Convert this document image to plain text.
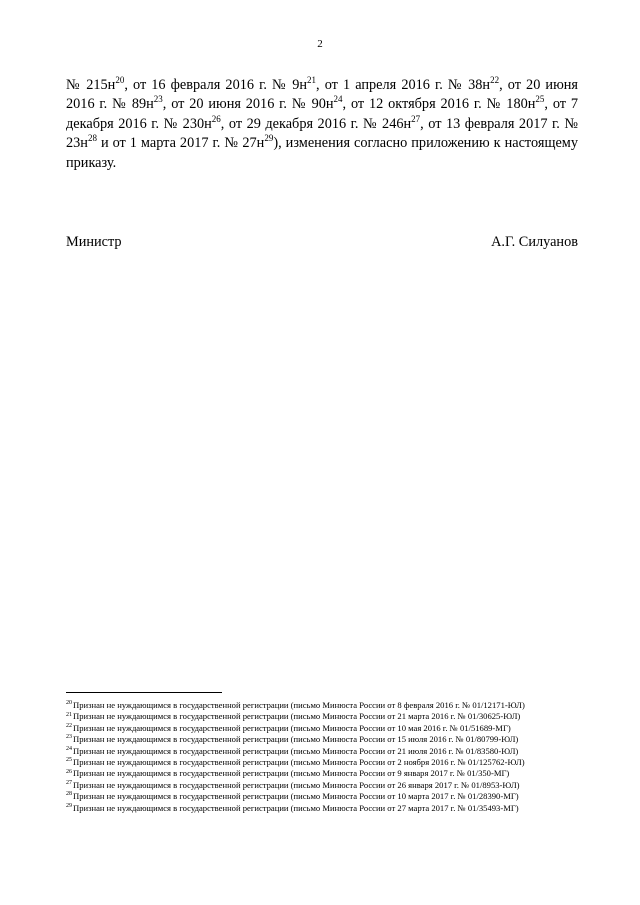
2

№ $215н^{20}$, от 16 февраля 2016 г. № $9н^{21}$, от 1 апреля 2016 г. № $38н^{22}$, от 20 июня 2016 г. № $89н^{23}$, от 20 июня 2016 г. № $90н^{24}$, от 12 октября 2016 г. № $180н^{25}$, от 7 декабря 2016 г. № $230н^{26}$, от 29 декабря 2016 г. № $246н^{27}$, от 13 февраля 2017 г. № $23н^{28}$ и от 1 марта 2017 г. № $27н^{29}$), изменения согласно приложению к настоящему приказу.

Министр	А.Г. Силуанов
$^{20}$Признан не нуждающимся в государственной регистрации (письмо Минюста России от 8 февраля 2016 г. № 01/12171-ЮЛ)
$^{21}$Признан не нуждающимся в государственной регистрации (письмо Минюста России от 21 марта 2016 г. № 01/30625-ЮЛ)
$^{22}$Признан не нуждающимся в государственной регистрации (письмо Минюста России от 10 мая 2016 г. № 01/51689-МГ)
$^{23}$Признан не нуждающимся в государственной регистрации (письмо Минюста России от 15 июля 2016 г. № 01/80799-ЮЛ)
$^{24}$Признан не нуждающимся в государственной регистрации (письмо Минюста России от 21 июля 2016 г. № 01/83580-ЮЛ)
$^{25}$Признан не нуждающимся в государственной регистрации (письмо Минюста России от 2 ноября 2016 г. № 01/125762-ЮЛ)
$^{26}$Признан не нуждающимся в государственной регистрации (письмо Минюста России от 9 января 2017 г. № 01/350-МГ)
$^{27}$Признан не нуждающимся в государственной регистрации (письмо Минюста России от 26 января 2017 г. № 01/8953-ЮЛ)
$^{28}$Признан не нуждающимся в государственной регистрации (письмо Минюста России от 10 марта 2017 г. № 01/28390-МГ)
$^{29}$Признан не нуждающимся в государственной регистрации (письмо Минюста России от 27 марта 2017 г. № 01/35493-МГ)
